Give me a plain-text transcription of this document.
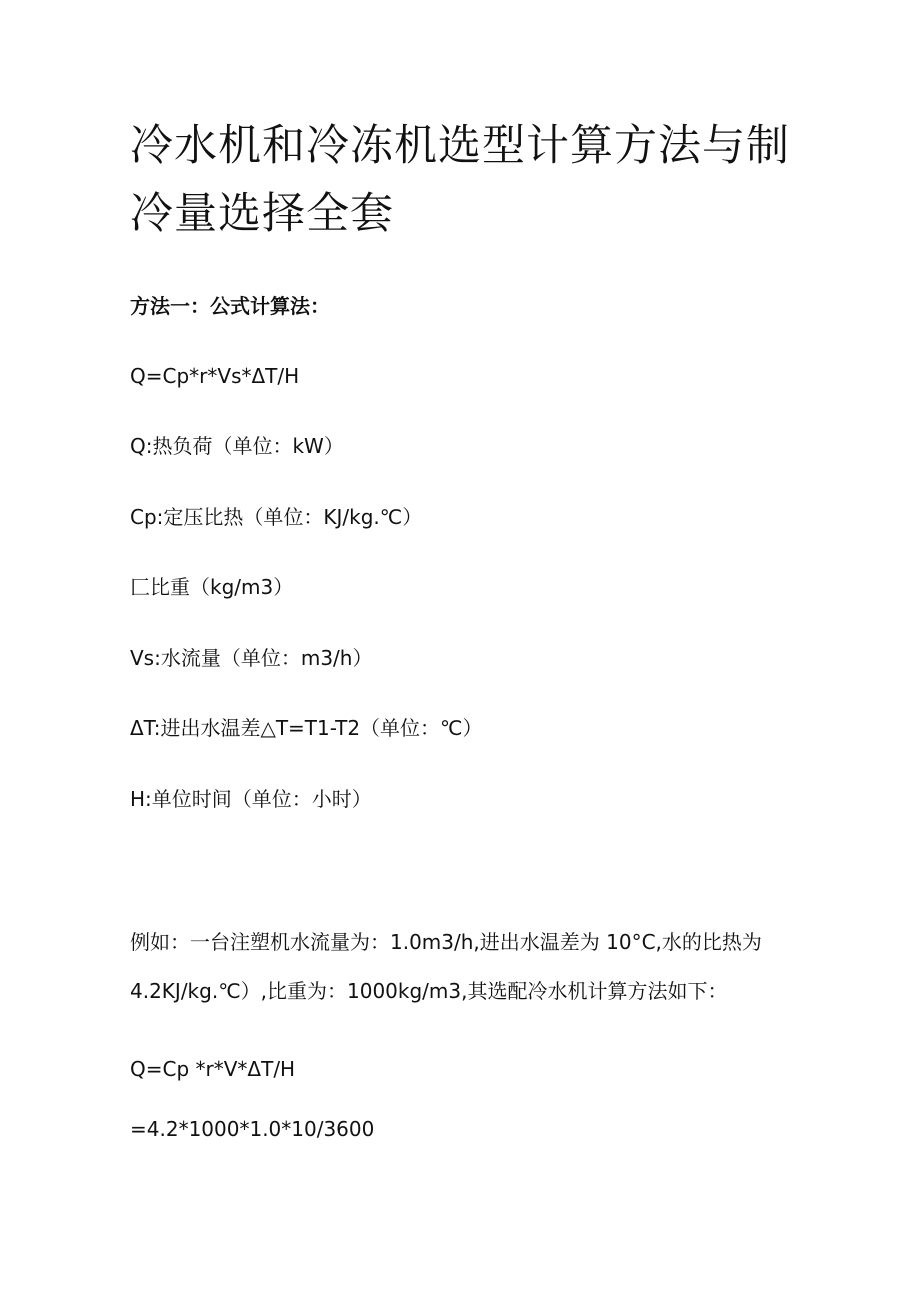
冷水机和冷冻机选型计算方法与制冷量选择全套

方法一：公式计算法：

Q=Cp*r*Vs*ΔT/H

Q:热负荷（单位：kW）

Cp:定压比热（单位：KJ/kg.℃）

匚比重（kg/m3）

Vs:水流量（单位：m3/h）

ΔT:进出水温差△T=T1-T2（单位：℃）

H:单位时间（单位：小时）

例如：一台注塑机水流量为：1.0m3/h,进出水温差为 10°C,水的比热为

4.2KJ/kg.℃）,比重为：1000kg/m3,其选配冷水机计算方法如下：

Q=Cp *r*V*ΔT/H

=4.2*1000*1.0*10/3600
